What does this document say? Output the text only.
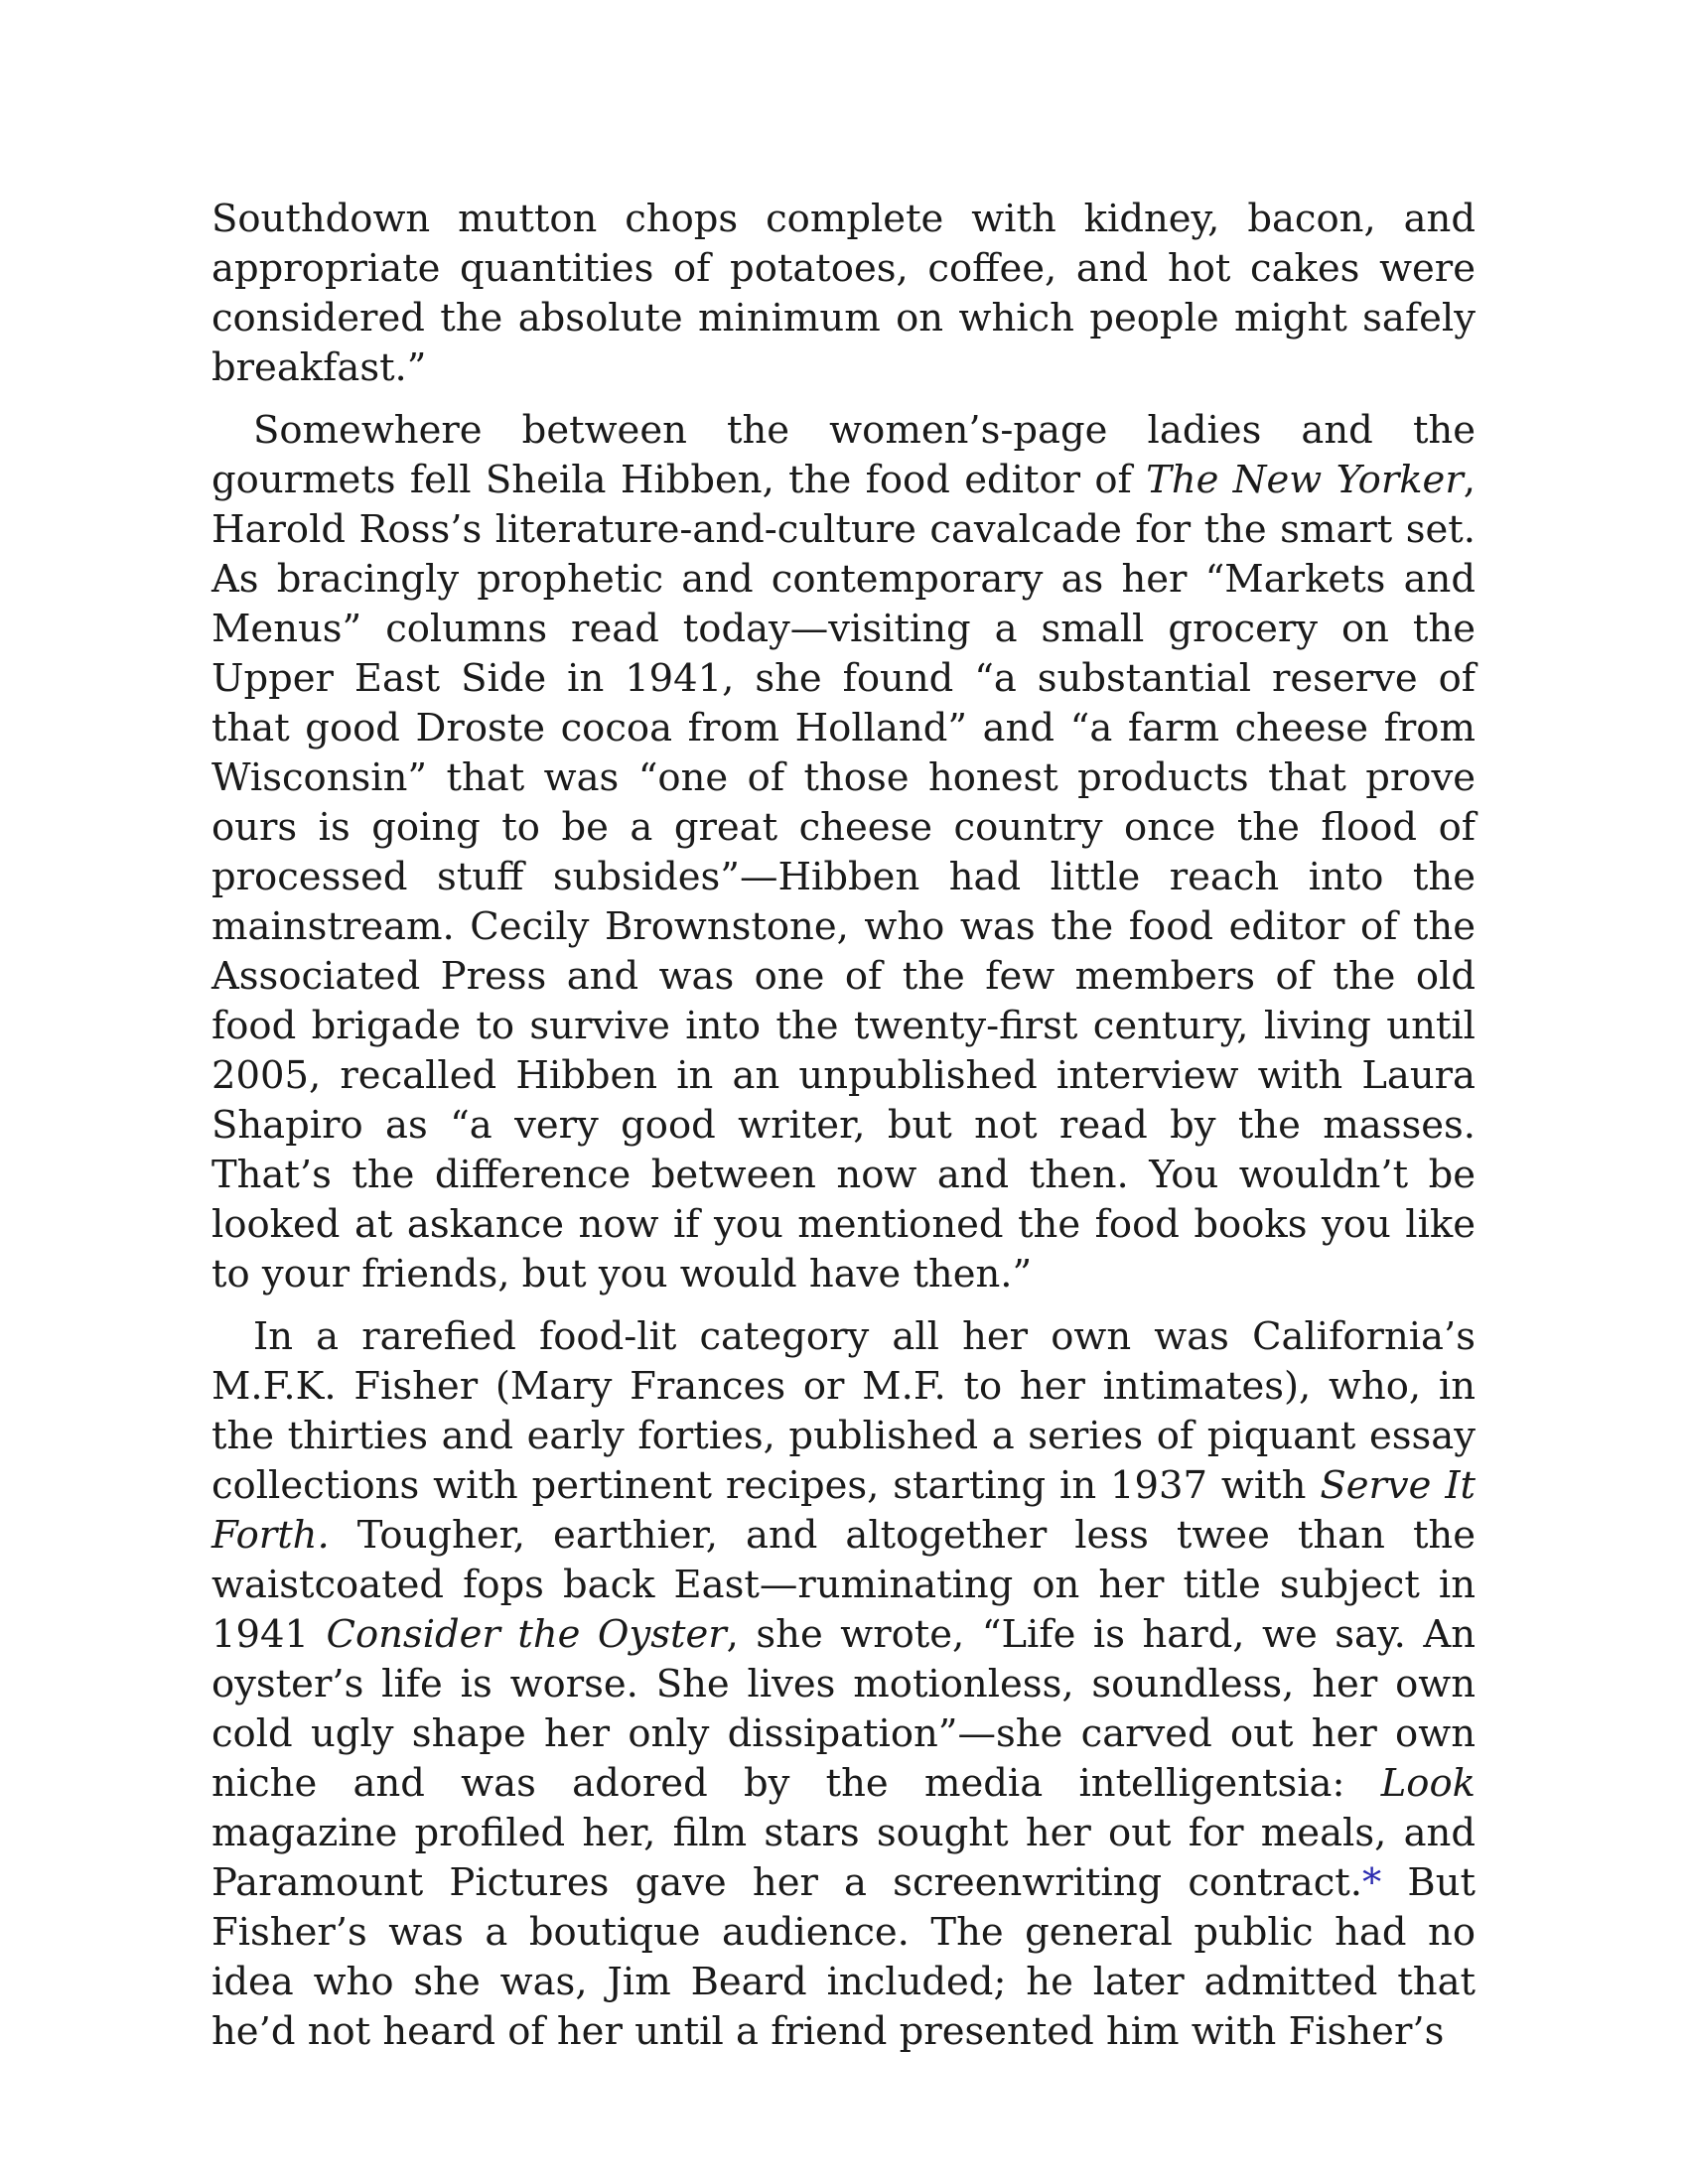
Southdown mutton chops complete with kidney, bacon, and appropriate quantities of potatoes, coffee, and hot cakes were considered the absolute minimum on which people might safely breakfast.”

Somewhere between the women’s-page ladies and the gourmets fell Sheila Hibben, the food editor of The New Yorker, Harold Ross’s literature-and-culture cavalcade for the smart set. As bracingly prophetic and contemporary as her “Markets and Menus” columns read today—visiting a small grocery on the Upper East Side in 1941, she found “a substantial reserve of that good Droste cocoa from Holland” and “a farm cheese from Wisconsin” that was “one of those honest products that prove ours is going to be a great cheese country once the flood of processed stuff subsides”—Hibben had little reach into the mainstream. Cecily Brownstone, who was the food editor of the Associated Press and was one of the few members of the old food brigade to survive into the twenty-first century, living until 2005, recalled Hibben in an unpublished interview with Laura Shapiro as “a very good writer, but not read by the masses. That’s the difference between now and then. You wouldn’t be looked at askance now if you mentioned the food books you like to your friends, but you would have then.”

In a rarefied food-lit category all her own was California’s M.F.K. Fisher (Mary Frances or M.F. to her intimates), who, in the thirties and early forties, published a series of piquant essay collections with pertinent recipes, starting in 1937 with Serve It Forth. Tougher, earthier, and altogether less twee than the waistcoated fops back East—ruminating on her title subject in 1941 Consider the Oyster, she wrote, “Life is hard, we say. An oyster’s life is worse. She lives motionless, soundless, her own cold ugly shape her only dissipation”—she carved out her own niche and was adored by the media intelligentsia: Look magazine profiled her, film stars sought her out for meals, and Paramount Pictures gave her a screenwriting contract.* But Fisher’s was a boutique audience. The general public had no idea who she was, Jim Beard included; he later admitted that he’d not heard of her until a friend presented him with Fisher’s
